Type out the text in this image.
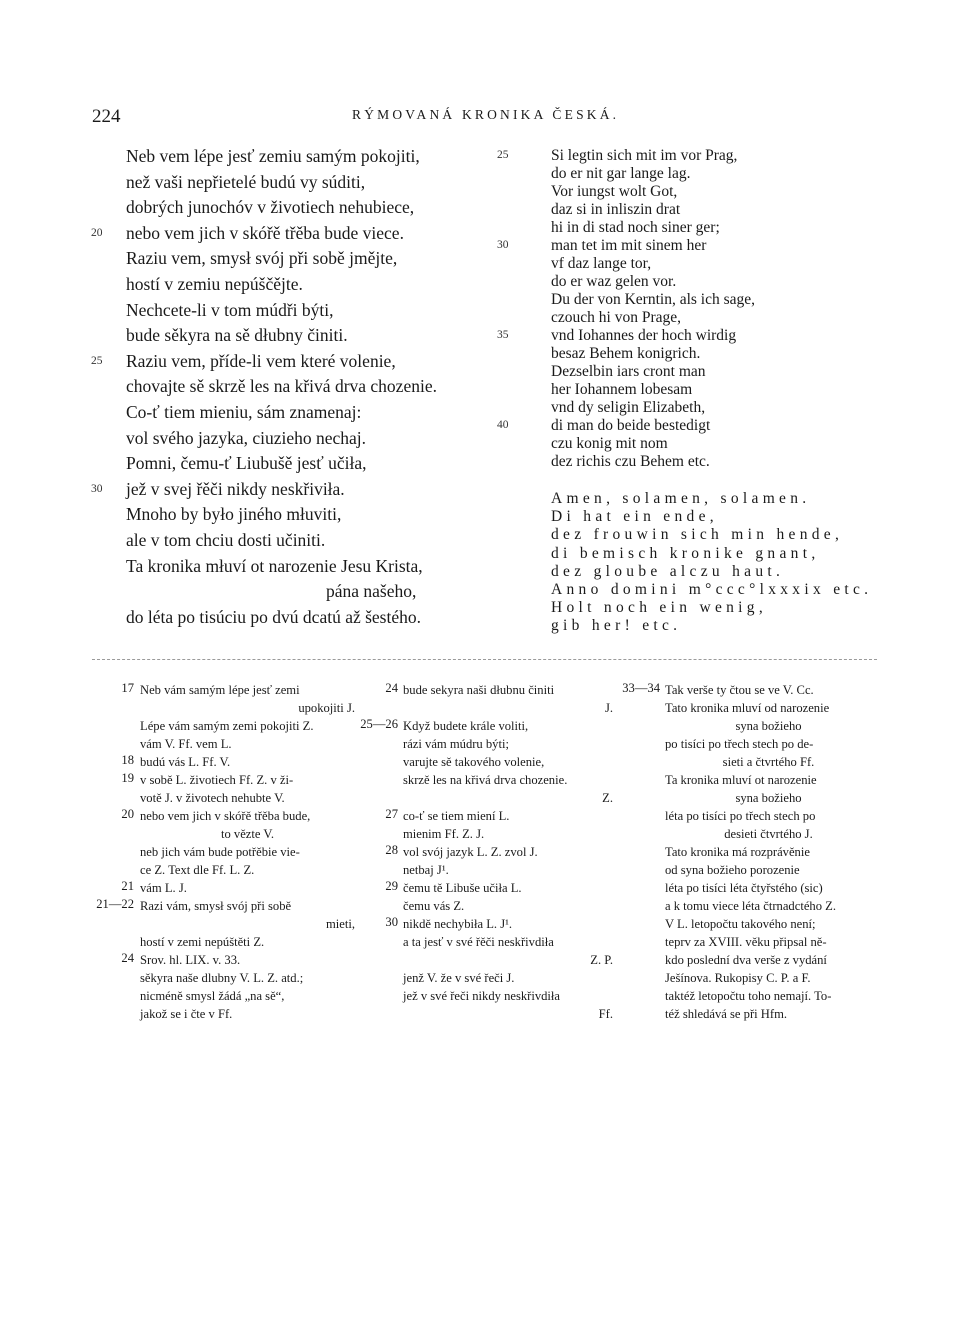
224	RÝMOVANÁ KRONIKA ČESKÁ.
Neb vem lépe jesť zemiu samým pokojiti,
než vaši nepřietelé budú vy súditi,
dobrých junochóv v životiech nehubiece,
nebo vem jich v skóřě třěba bude viece.
Raziu vem, smysł svój při sobě jmějte,
hostí v zemiu nepúščějte.
Nechcete-li v tom múdři býti,
bude sěkyra na sě dłubny činiti.
Raziu vem, příde-li vem které volenie,
chovajte sě skrzě les na křivá drva chozenie.
Co-ť tiem mieniu, sám znamenaj:
vol svého jazyka, ciuzieho nechaj.
Pomni, čemu-ť Liubušě jesť učiła,
jež v svej řěči nikdy neskřiviła.
Mnoho by było jiného młuviti,
ale v tom chciu dosti učiniti.
Ta kronika młuví ot narozenie Jesu Krista,
pána našeho,
do léta po tisúciu po dvú dcatú až šestého.
20
25
30
Si legtin sich mit im vor Prag,
do er nit gar lange lag.
Vor iungst wolt Got,
daz si in inliszin drat
hi in di stad noch siner ger;
man tet im mit sinem her
vf daz lange tor,
do er waz gelen vor.
Du der von Kerntin, als ich sage,
czouch hi von Prage,
vnd Iohannes der hoch wirdig
besaz Behem konigrich.
Dezselbin iars cront man
her Iohannem lobesam
vnd dy seligin Elizabeth,
di man do beide bestedigt
czu konig mit nom
dez richis czu Behem etc.
25
30
35
40
Amen, solamen, solamen.
Di hat ein ende,
dez frouwin sich min hende,
di bemisch kronike gnant,
dez gloube alczu haut.
Anno domini m°ccc°lxxxix etc.
Holt noch ein wenig,
gib her! etc.
17 Neb vám samým lépe jesť zemi
upokojiti J.
Lépe vám samým zemi pokojiti Z.
vám V. Ff. vem L.
18 budú vás L. Ff. V.
19 v sobě L. životiech Ff. Z. v ži-
votě J. v životech nehubte V.
20 nebo vem jich v skóřě třěba bude,
to vězte V.
neb jich vám bude potřěbie vie-
ce Z. Text dle Ff. L. Z.
21 vám L. J.
21—22 Razi vám, smysł svój při sobě
mieti,
hostí v zemi nepúštěti Z.
24 Srov. hl. LIX. v. 33.
sěkyra naše dlubny V. L. Z. atd.;
nicméně smysl žádá „na sě“,
jakož se i čte v Ff.
24 bude sekyra naši dłubnu činiti
J.
25—26 Když budete krále voliti,
rázi vám múdru býti;
varujte sě takového volenie,
skrzě les na křivá drva chozenie.
Z.
27 co-ť se tiem miení L.
mienim Ff. Z. J.
28 vol svój jazyk L. Z. zvol J.
netbaj J¹.
29 čemu tě Libuše učiła L.
čemu vás Z.
30 nikdě nechybiła L. J¹.
a ta jesť v své řěči neskřivdiła
Z. P.
jenž V. že v své řeči J.
jež v své řeči nikdy neskřivdiła
Ff.
33—34 Tak verše ty čtou se ve V. Cc.
Tato kronika mluví od narozenie
syna božieho
po tisíci po třech stech po de-
sieti a čtvrtého Ff.
Ta kronika mluví ot narozenie
syna božieho
léta po tisíci po třech stech po
desieti čtvrtého J.
Tato kronika má rozprávěnie
od syna božieho porozenie
léta po tisíci léta čtyřstého (sic)
a k tomu viece léta čtrnadctého Z.
V L. letopočtu takového není;
teprv za XVIII. věku připsal ně-
kdo poslední dva verše z vydání
Ješínova. Rukopisy C. P. a F.
taktéž letopočtu toho nemají. To-
též shledává se při Hfm.
